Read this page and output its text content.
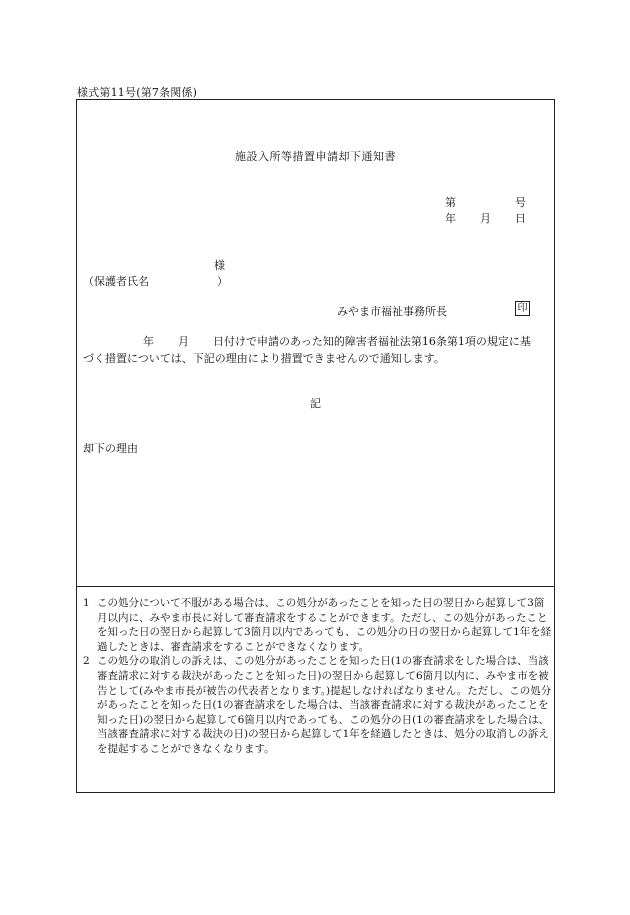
様式第11号(第7条関係)
施設入所等措置申請却下通知書
第	号
年 月 日
様
（保護者氏名	）
みやま市福祉事務所長	印
年 月 日付けで申請のあった知的障害者福祉法第16条第1項の規定に基
づく措置については、下記の理由により措置できませんので通知します。
記
却下の理由
1 この処分について不服がある場合は、この処分があったことを知った日の翌日から起算して3箇月以内に、みやま市長に対して審査請求をすることができます。ただし、この処分があったことを知った日の翌日から起算して3箇月以内であっても、この処分の日の翌日から起算して1年を経過したときは、審査請求をすることができなくなります。
2 この処分の取消しの訴えは、この処分があったことを知った日(1の審査請求をした場合は、当該審査請求に対する裁決があったことを知った日)の翌日から起算して6箇月以内に、みやま市を被告として(みやま市長が被告の代表者となります。)提起しなければなりません。ただし、この処分があったことを知った日(1の審査請求をした場合は、当該審査請求に対する裁決があったことを知った日)の翌日から起算して6箇月以内であっても、この処分の日(1の審査請求をした場合は、当該審査請求に対する裁決の日)の翌日から起算して1年を経過したときは、処分の取消しの訴えを提起することができなくなります。
